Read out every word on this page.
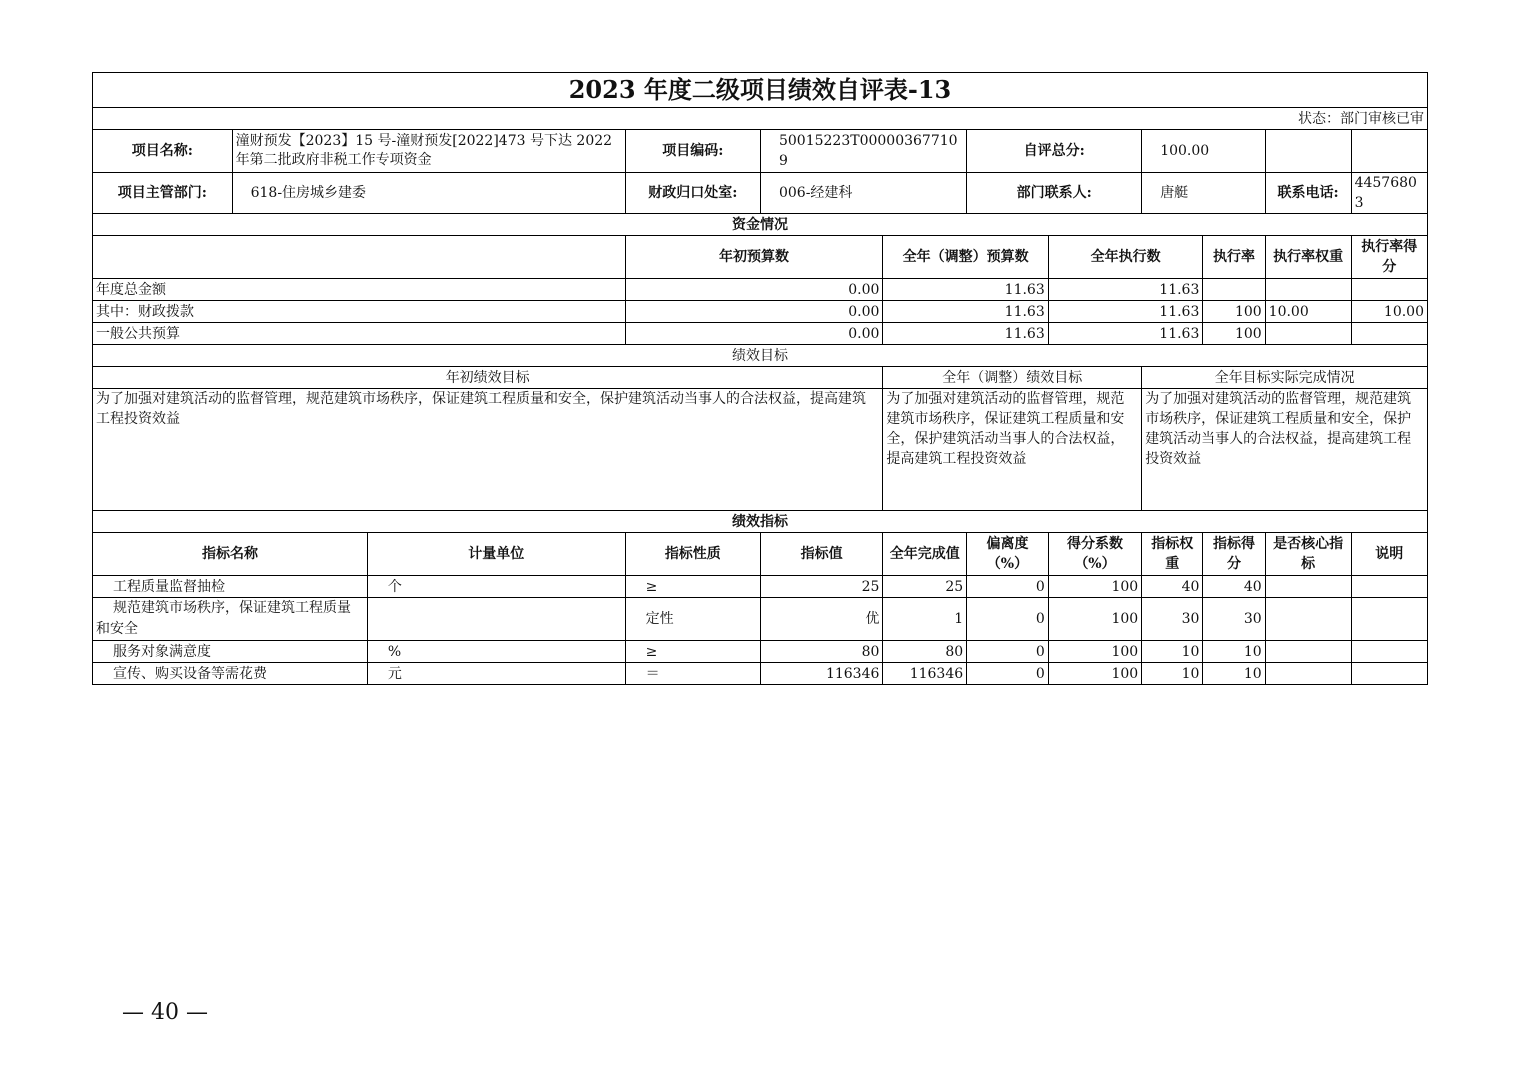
2023 年度二级项目绩效自评表-13											
状态：部门审核已审											
项目名称:	潼财预发【2023】15 号-潼财预发[2022]473 号下达 2022 年第二批政府非税工作专项资金		项目编码:	50015223T000003677109		自评总分:		100.00			
项目主管部门:	618-住房城乡建委		财政归口处室:	006-经建科		部门联系人:		唐艇		联系电话:	44576803
资金情况											
			年初预算数		全年（调整）预算数		全年执行数		执行率	执行率权重	执行率得分
年度总金额			0.00		11.63		11.63				
其中：财政拨款			0.00		11.63		11.63		100	10.00	10.00
一般公共预算			0.00		11.63		11.63		100		
绩效目标											
年初绩效目标					全年（调整）绩效目标			全年目标实际完成情况			
为了加强对建筑活动的监督管理，规范建筑市场秩序，保证建筑工程质量和安全，保护建筑活动当事人的合法权益，提高建筑工程投资效益					为了加强对建筑活动的监督管理，规范建筑市场秩序，保证建筑工程质量和安全，保护建筑活动当事人的合法权益，提高建筑工程投资效益			为了加强对建筑活动的监督管理，规范建筑市场秩序，保证建筑工程质量和安全，保护建筑活动当事人的合法权益，提高建筑工程投资效益			
绩效指标											
指标名称		计量单位	指标性质	指标值	全年完成值	偏离度（%）	得分系数（%）	指标权重	指标得分	是否核心指标	说明
工程质量监督抽检		个	≥	25	25	0	100	40	40		
规范建筑市场秩序，保证建筑工程质量和安全			定性	优	1	0	100	30	30		
服务对象满意度		%	≥	80	80	0	100	10	10		
宣传、购买设备等需花费		元	＝	116346	116346	0	100	10	10		
— 40 —
